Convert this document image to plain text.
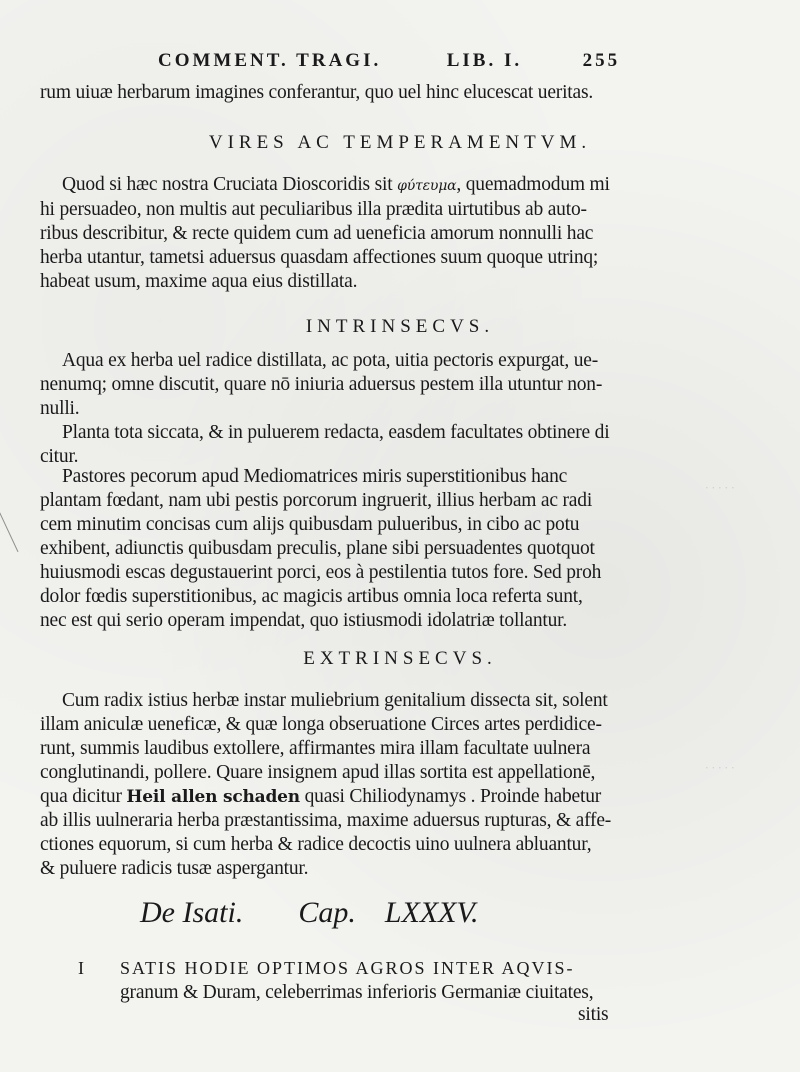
· · · · ·
· · · · ·
COMMENT. TRAGI.	LIB. I.	255
rum uiuæ herbarum imagines conferantur, quo uel hinc elucescat ueritas.
VIRES AC TEMPERAMENTVM.
Quod si hæc nostra Cruciata Dioscoridis sit φύτευμα, quemadmodum mi
hi persuadeo, non multis aut peculiaribus illa prædita uirtutibus ab auto-
ribus describitur, & recte quidem cum ad ueneficia amorum nonnulli hac
herba utantur, tametsi aduersus quasdam affectiones suum quoque utrinq;
habeat usum, maxime aqua eius distillata.
INTRINSECVS.
Aqua ex herba uel radice distillata, ac pota, uitia pectoris expurgat, ue-
nenumq; omne discutit, quare nō iniuria aduersus pestem illa utuntur non-
nulli.
Planta tota siccata, & in puluerem redacta, easdem facultates obtinere di
citur.
Pastores pecorum apud Mediomatrices miris superstitionibus hanc
plantam fœdant, nam ubi pestis porcorum ingruerit, illius herbam ac radi
cem minutim concisas cum alijs quibusdam pulueribus, in cibo ac potu
exhibent, adiunctis quibusdam preculis, plane sibi persuadentes quotquot
huiusmodi escas degustauerint porci, eos à pestilentia tutos fore. Sed proh
dolor fœdis superstitionibus, ac magicis artibus omnia loca referta sunt,
nec est qui serio operam impendat, quo istiusmodi idolatriæ tollantur.
EXTRINSECVS.
Cum radix istius herbæ instar muliebrium genitalium dissecta sit, solent
illam aniculæ ueneficæ, & quæ longa obseruatione Circes artes perdidice-
runt, summis laudibus extollere, affirmantes mira illam facultate uulnera
conglutinandi, pollere. Quare insignem apud illas sortita est appellationē,
qua dicitur Heil allen schaden quasi Chiliodynamys . Proinde habetur
ab illis uulneraria herba præstantissima, maxime aduersus rupturas, & affe-
ctiones equorum, si cum herba & radice decoctis uino uulnera abluantur,
& puluere radicis tusæ aspergantur.
De Isati. Cap. LXXXV.
I SATIS HODIE OPTIMOS AGROS INTER AQVIS-
granum & Duram, celeberrimas inferioris Germaniæ ciuitates,
sitis
